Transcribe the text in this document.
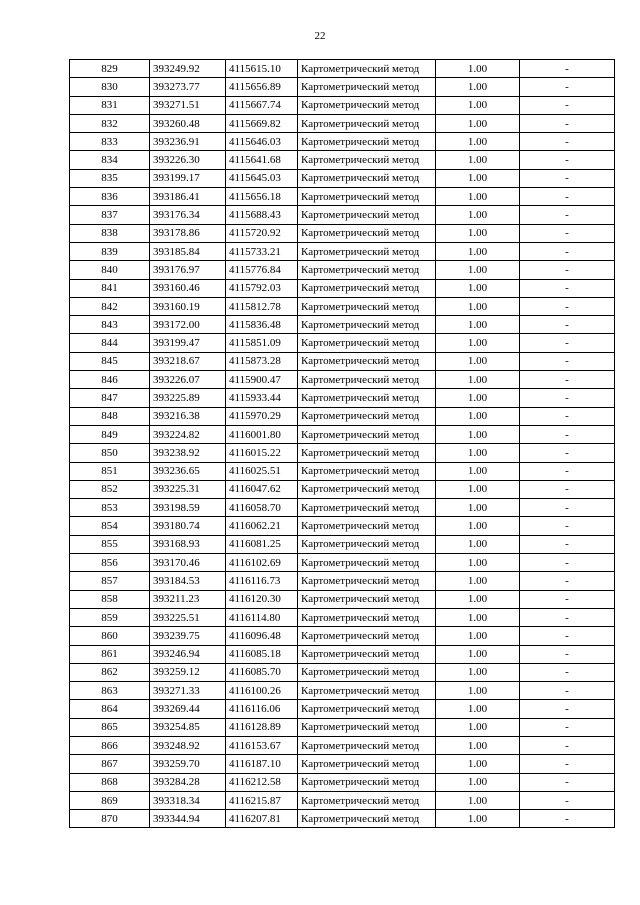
22
829	393249.92	4115615.10	Картометрический метод	1.00	-
830	393273.77	4115656.89	Картометрический метод	1.00	-
831	393271.51	4115667.74	Картометрический метод	1.00	-
832	393260.48	4115669.82	Картометрический метод	1.00	-
833	393236.91	4115646.03	Картометрический метод	1.00	-
834	393226.30	4115641.68	Картометрический метод	1.00	-
835	393199.17	4115645.03	Картометрический метод	1.00	-
836	393186.41	4115656.18	Картометрический метод	1.00	-
837	393176.34	4115688.43	Картометрический метод	1.00	-
838	393178.86	4115720.92	Картометрический метод	1.00	-
839	393185.84	4115733.21	Картометрический метод	1.00	-
840	393176.97	4115776.84	Картометрический метод	1.00	-
841	393160.46	4115792.03	Картометрический метод	1.00	-
842	393160.19	4115812.78	Картометрический метод	1.00	-
843	393172.00	4115836.48	Картометрический метод	1.00	-
844	393199.47	4115851.09	Картометрический метод	1.00	-
845	393218.67	4115873.28	Картометрический метод	1.00	-
846	393226.07	4115900.47	Картометрический метод	1.00	-
847	393225.89	4115933.44	Картометрический метод	1.00	-
848	393216.38	4115970.29	Картометрический метод	1.00	-
849	393224.82	4116001.80	Картометрический метод	1.00	-
850	393238.92	4116015.22	Картометрический метод	1.00	-
851	393236.65	4116025.51	Картометрический метод	1.00	-
852	393225.31	4116047.62	Картометрический метод	1.00	-
853	393198.59	4116058.70	Картометрический метод	1.00	-
854	393180.74	4116062.21	Картометрический метод	1.00	-
855	393168.93	4116081.25	Картометрический метод	1.00	-
856	393170.46	4116102.69	Картометрический метод	1.00	-
857	393184.53	4116116.73	Картометрический метод	1.00	-
858	393211.23	4116120.30	Картометрический метод	1.00	-
859	393225.51	4116114.80	Картометрический метод	1.00	-
860	393239.75	4116096.48	Картометрический метод	1.00	-
861	393246.94	4116085.18	Картометрический метод	1.00	-
862	393259.12	4116085.70	Картометрический метод	1.00	-
863	393271.33	4116100.26	Картометрический метод	1.00	-
864	393269.44	4116116.06	Картометрический метод	1.00	-
865	393254.85	4116128.89	Картометрический метод	1.00	-
866	393248.92	4116153.67	Картометрический метод	1.00	-
867	393259.70	4116187.10	Картометрический метод	1.00	-
868	393284.28	4116212.58	Картометрический метод	1.00	-
869	393318.34	4116215.87	Картометрический метод	1.00	-
870	393344.94	4116207.81	Картометрический метод	1.00	-
